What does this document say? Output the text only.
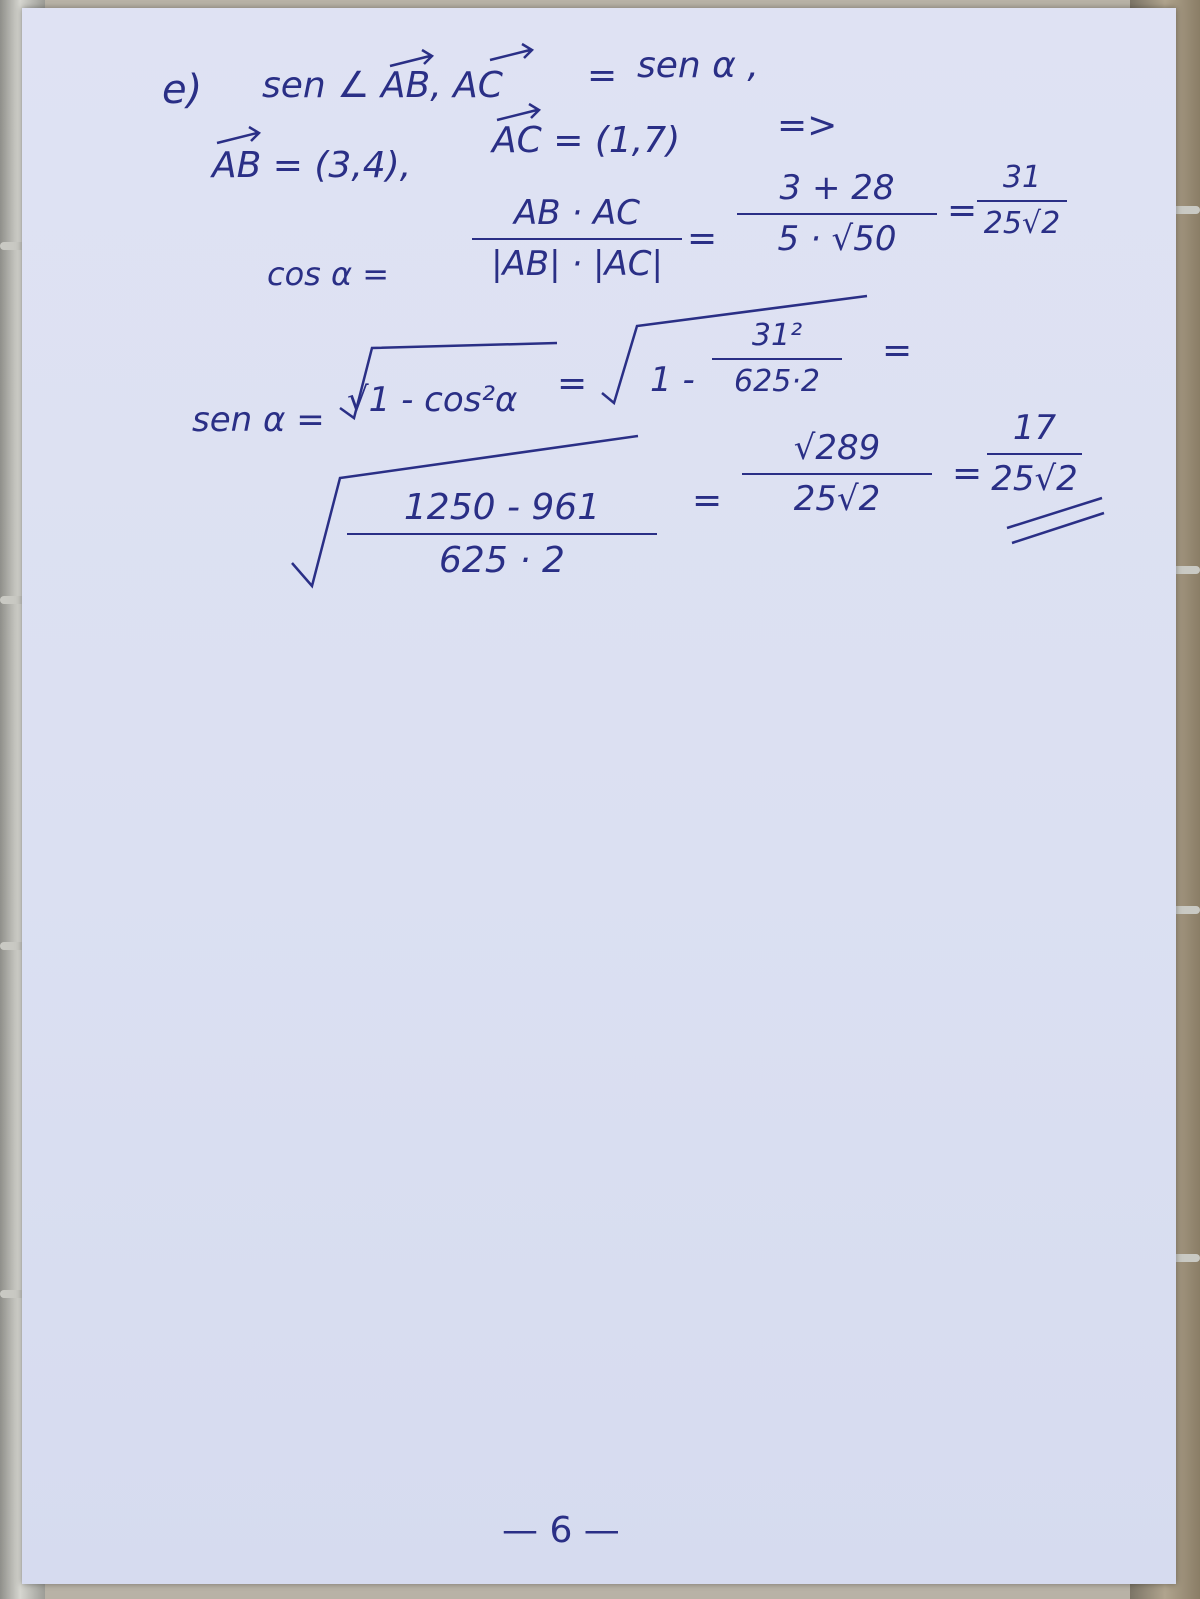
e) sen ∠ AB, AC = sen α ,
AB = (3,4),
AC = (1,7)	=>
cos α =
AB · AC
|AB| · |AC|
=
3 + 28
5 · √50
=
31
25√2
sen α = √1 - cos²α = 1 -
31²
625·2
=
1250 - 961
625 · 2
=
√289
25√2
=
17
25√2
— 6 —
